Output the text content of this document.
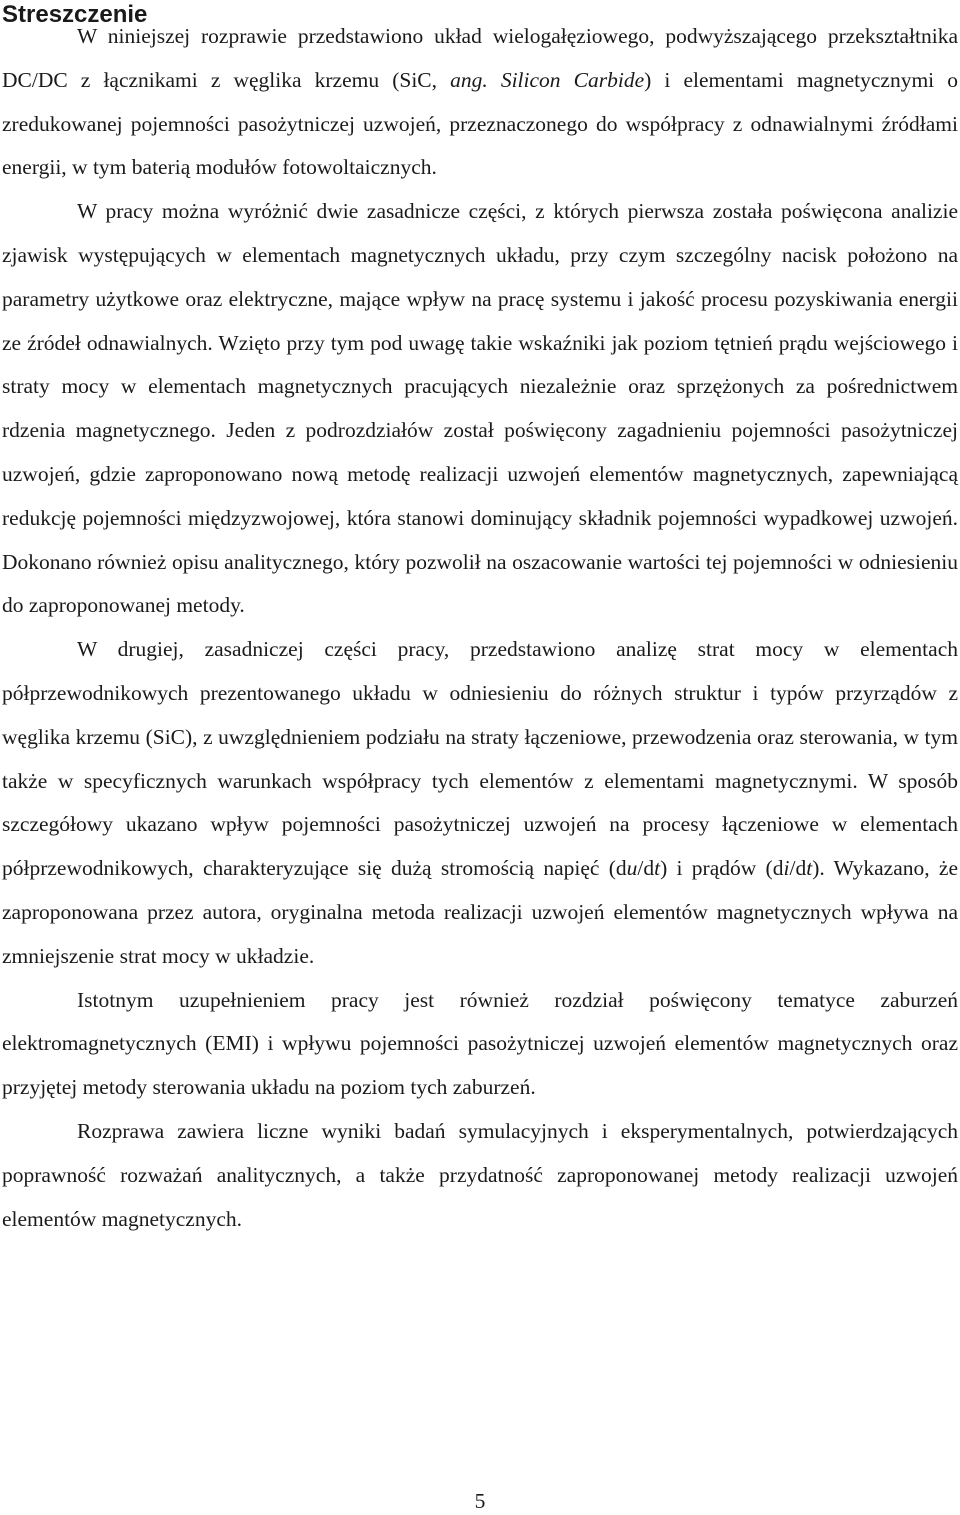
Streszczenie

W niniejszej rozprawie przedstawiono układ wielogałęziowego, podwyższającego przekształtnika DC/DC z łącznikami z węglika krzemu (SiC, ang. Silicon Carbide) i elementami magnetycznymi o zredukowanej pojemności pasożytniczej uzwojeń, przeznaczonego do współpracy z odnawialnymi źródłami energii, w tym baterią modułów fotowoltaicznych.

W pracy można wyróżnić dwie zasadnicze części, z których pierwsza została poświęcona analizie zjawisk występujących w elementach magnetycznych układu, przy czym szczególny nacisk położono na parametry użytkowe oraz elektryczne, mające wpływ na pracę systemu i jakość procesu pozyskiwania energii ze źródeł odnawialnych. Wzięto przy tym pod uwagę takie wskaźniki jak poziom tętnień prądu wejściowego i straty mocy w elementach magnetycznych pracujących niezależnie oraz sprzężonych za pośrednictwem rdzenia magnetycznego. Jeden z podrozdziałów został poświęcony zagadnieniu pojemności pasożytniczej uzwojeń, gdzie zaproponowano nową metodę realizacji uzwojeń elementów magnetycznych, zapewniającą redukcję pojemności międzyzwojowej, która stanowi dominujący składnik pojemności wypadkowej uzwojeń. Dokonano również opisu analitycznego, który pozwolił na oszacowanie wartości tej pojemności w odniesieniu do zaproponowanej metody.

W drugiej, zasadniczej części pracy, przedstawiono analizę strat mocy w elementach półprzewodnikowych prezentowanego układu w odniesieniu do różnych struktur i typów przyrządów z węglika krzemu (SiC), z uwzględnieniem podziału na straty łączeniowe, przewodzenia oraz sterowania, w tym także w specyficznych warunkach współpracy tych elementów z elementami magnetycznymi. W sposób szczegółowy ukazano wpływ pojemności pasożytniczej uzwojeń na procesy łączeniowe w elementach półprzewodnikowych, charakteryzujące się dużą stromością napięć (du/dt) i prądów (di/dt). Wykazano, że zaproponowana przez autora, oryginalna metoda realizacji uzwojeń elementów magnetycznych wpływa na zmniejszenie strat mocy w układzie.

Istotnym uzupełnieniem pracy jest również rozdział poświęcony tematyce zaburzeń elektromagnetycznych (EMI) i wpływu pojemności pasożytniczej uzwojeń elementów magnetycznych oraz przyjętej metody sterowania układu na poziom tych zaburzeń.

Rozprawa zawiera liczne wyniki badań symulacyjnych i eksperymentalnych, potwierdzających poprawność rozważań analitycznych, a także przydatność zaproponowanej metody realizacji uzwojeń elementów magnetycznych.

5
